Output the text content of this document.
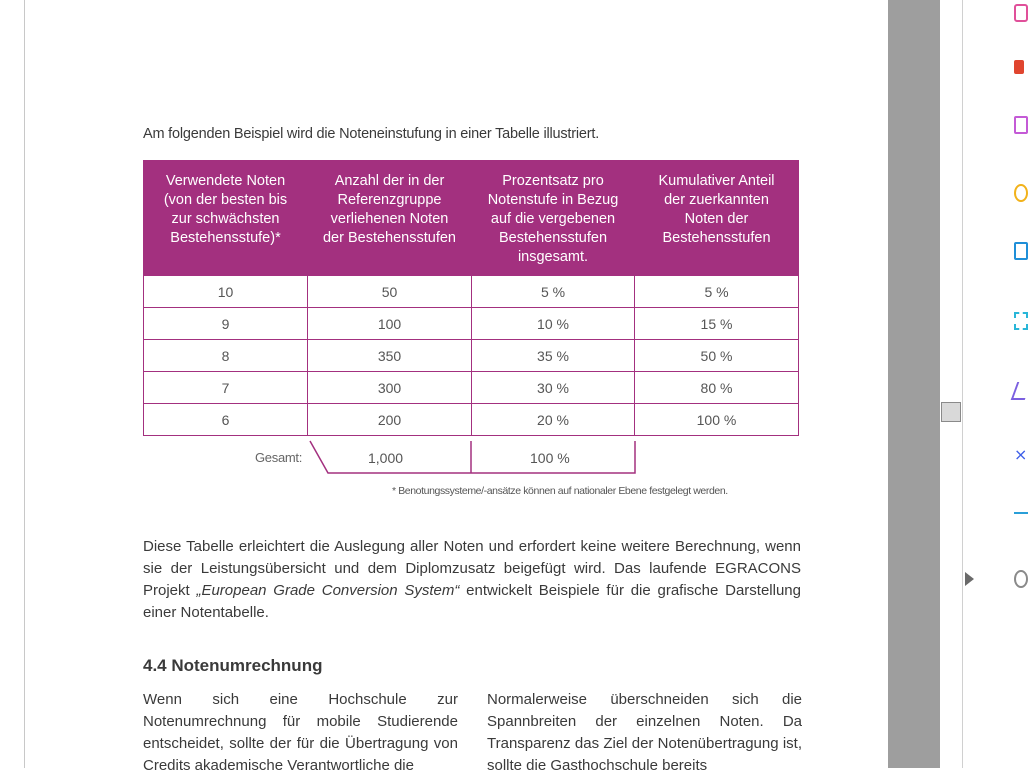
Am folgenden Beispiel wird die Noteneinstufung in einer Tabelle illustriert.
Verwendete Noten
(von der besten bis
zur schwächsten
Bestehensstufe)*	Anzahl der in der
Referenzgruppe
verliehenen Noten
der Bestehensstufen	Prozentsatz pro
Notenstufe in Bezug
auf die vergebenen
Bestehensstufen
insgesamt.	Kumulativer Anteil
der zuerkannten
Noten der
Bestehensstufen
10	50	5 %	5 %
9	100	10 %	15 %
8	350	35 %	50 %
7	300	30 %	80 %
6	200	20 %	100 %
Gesamt:	1,000	100 %
* Benotungssysteme/-ansätze können auf nationaler Ebene festgelegt werden.
Diese Tabelle erleichtert die Auslegung aller Noten und erfordert keine weitere Berechnung, wenn sie der Leistungsübersicht und dem Diplomzusatz beigefügt wird. Das laufende EGRACONS Projekt „European Grade Conversion System“ entwickelt Beispiele für die grafische Darstellung einer Notentabelle.
4.4 Notenumrechnung
Wenn sich eine Hochschule zur Notenumrechnung für mobile Studierende entscheidet, sollte der für die Übertragung von Credits akademische Verantwortliche die
Normalerweise überschneiden sich die Spannbreiten der einzelnen Noten. Da Transparenz das Ziel der Notenübertragung ist, sollte die Gasthochschule bereits
×
